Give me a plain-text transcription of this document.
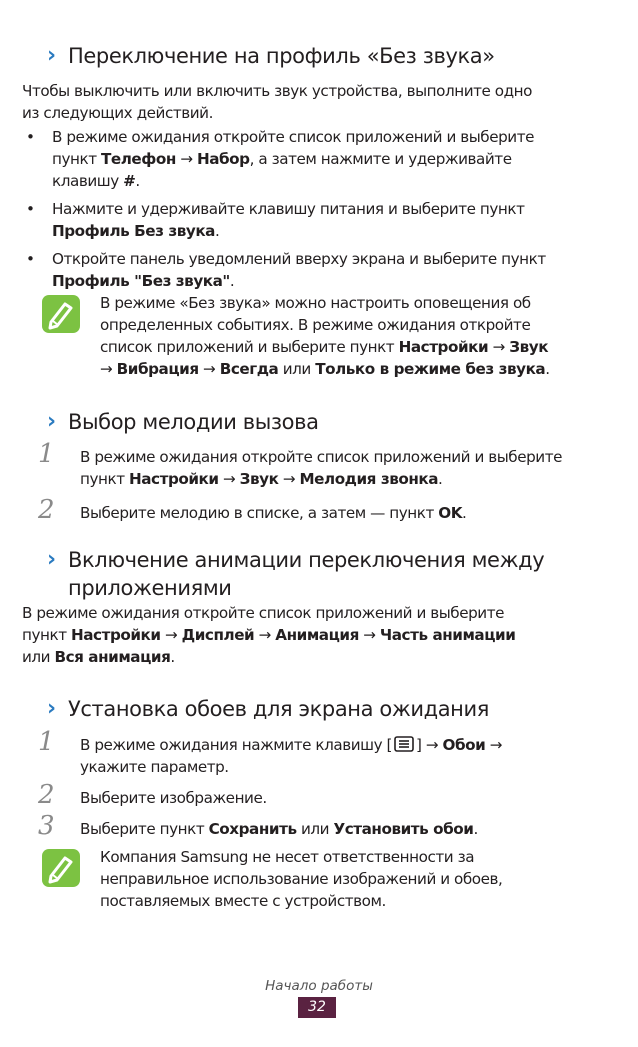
› Переключение на профиль «Без звука»
Чтобы выключить или включить звук устройства, выполните одно
из следующих действий.
• В режиме ожидания откройте список приложений и выберите
пункт Телефон → Набор, а затем нажмите и удерживайте
клавишу #.
• Нажмите и удерживайте клавишу питания и выберите пункт
Профиль Без звука.
• Откройте панель уведомлений вверху экрана и выберите пункт
Профиль "Без звука".
В режиме «Без звука» можно настроить оповещения об
определенных событиях. В режиме ожидания откройте
список приложений и выберите пункт Настройки → Звук
→ Вибрация → Всегда или Только в режиме без звука.
› Выбор мелодии вызова
1 В режиме ожидания откройте список приложений и выберите
пункт Настройки → Звук → Мелодия звонка.
2 Выберите мелодию в списке, а затем — пункт OK.
› Включение анимации переключения между
приложениями
В режиме ожидания откройте список приложений и выберите
пункт Настройки → Дисплей → Анимация → Часть анимации
или Вся анимация.
› Установка обоев для экрана ожидания
1 В режиме ожидания нажмите клавишу [ ] → Обои →
укажите параметр.
2 Выберите изображение.
3 Выберите пункт Сохранить или Установить обои.
Компания Samsung не несет ответственности за
неправильное использование изображений и обоев,
поставляемых вместе с устройством.
Начало работы
32
